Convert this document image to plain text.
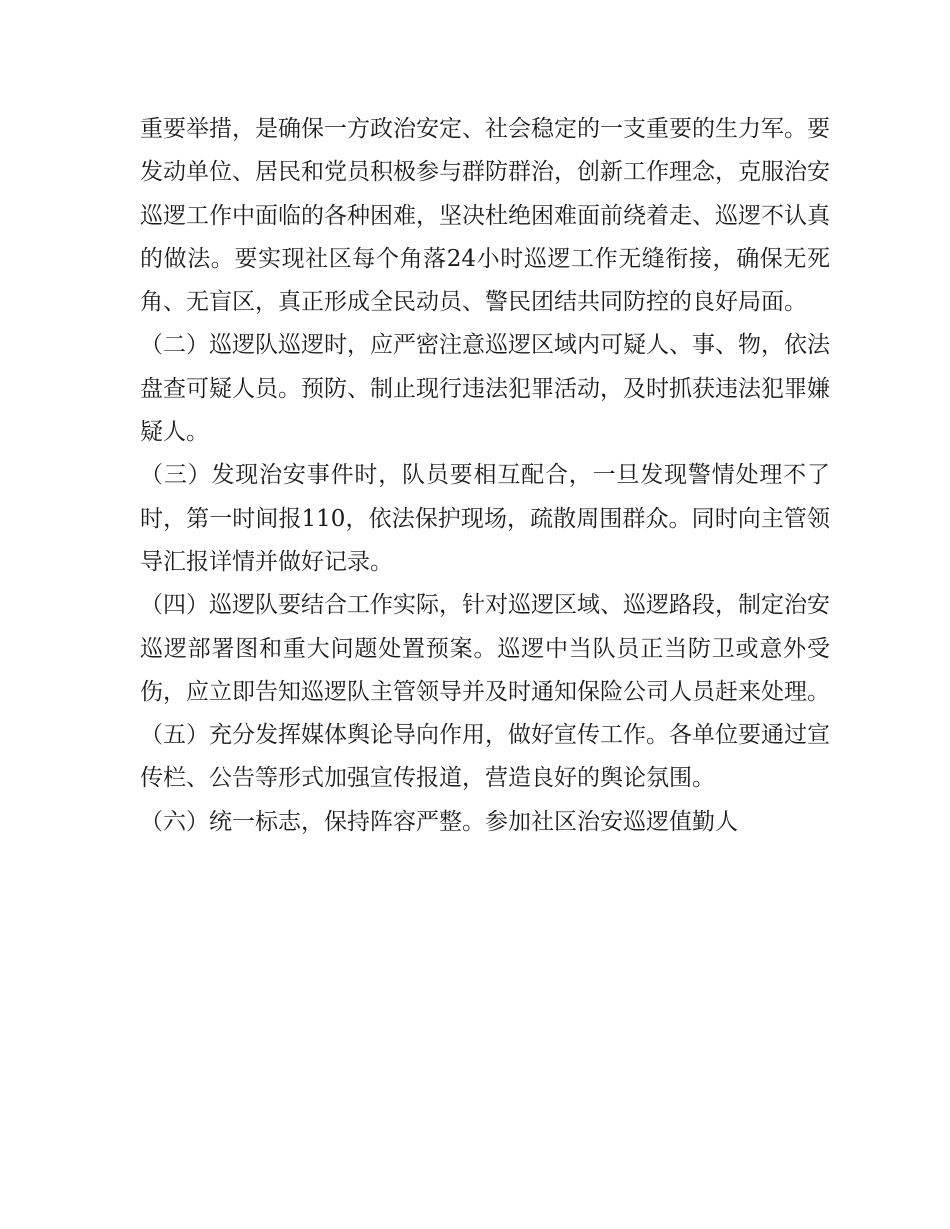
重要举措，是确保一方政治安定、社会稳定的一支重要的生力军。要发动单位、居民和党员积极参与群防群治，创新工作理念，克服治安巡逻工作中面临的各种困难，坚决杜绝困难面前绕着走、巡逻不认真的做法。要实现社区每个角落24小时巡逻工作无缝衔接，确保无死角、无盲区，真正形成全民动员、警民团结共同防控的良好局面。

（二）巡逻队巡逻时，应严密注意巡逻区域内可疑人、事、物，依法盘查可疑人员。预防、制止现行违法犯罪活动，及时抓获违法犯罪嫌疑人。

（三）发现治安事件时，队员要相互配合，一旦发现警情处理不了时，第一时间报110，依法保护现场，疏散周围群众。同时向主管领导汇报详情并做好记录。

（四）巡逻队要结合工作实际，针对巡逻区域、巡逻路段，制定治安巡逻部署图和重大问题处置预案。巡逻中当队员正当防卫或意外受伤，应立即告知巡逻队主管领导并及时通知保险公司人员赶来处理。

（五）充分发挥媒体舆论导向作用，做好宣传工作。各单位要通过宣传栏、公告等形式加强宣传报道，营造良好的舆论氛围。

（六）统一标志，保持阵容严整。参加社区治安巡逻值勤人
